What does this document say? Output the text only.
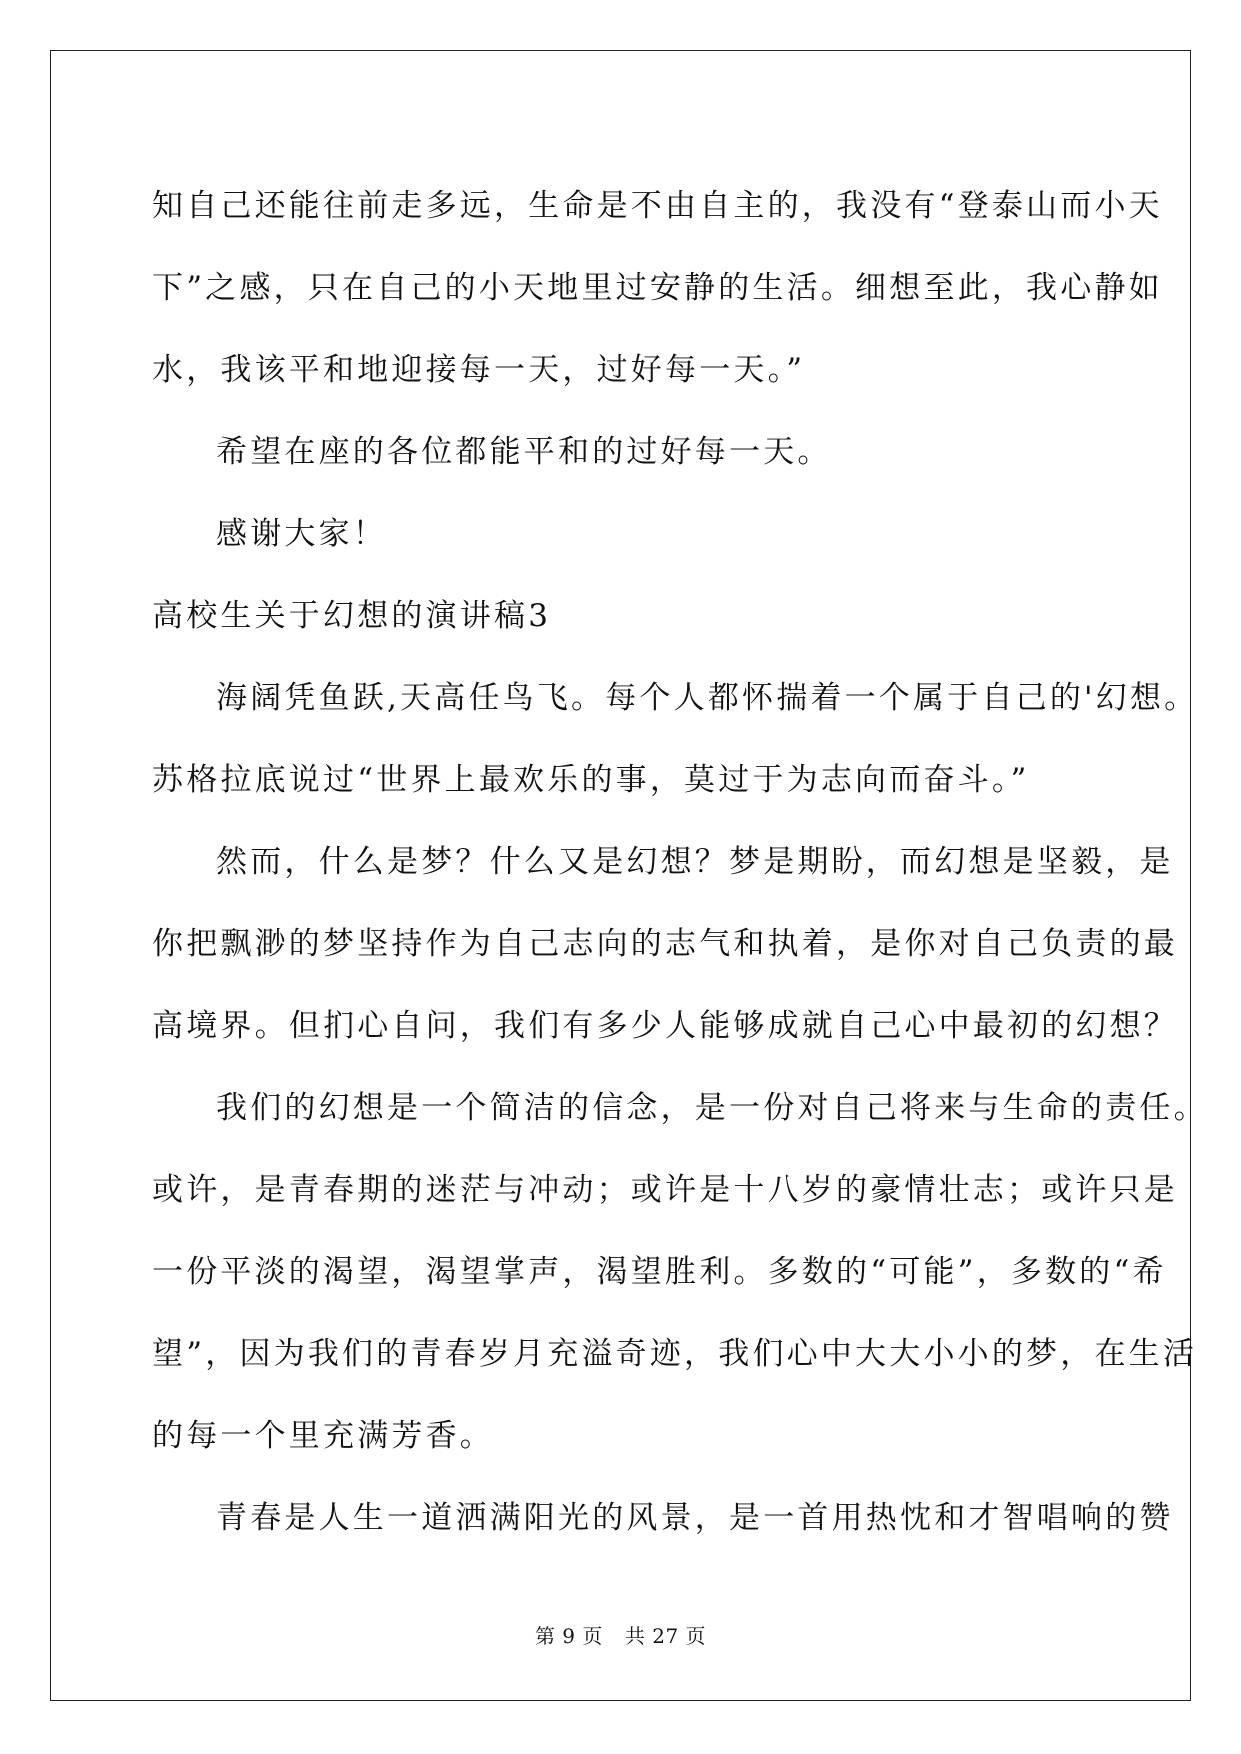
知自己还能往前走多远，生命是不由自主的，我没有“登泰山而小天
下”之感，只在自己的小天地里过安静的生活。细想至此，我心静如
水，我该平和地迎接每一天，过好每一天。”
希望在座的各位都能平和的过好每一天。
感谢大家！
高校生关于幻想的演讲稿3
海阔凭鱼跃,天高任鸟飞。每个人都怀揣着一个属于自己的'幻想。
苏格拉底说过“世界上最欢乐的事，莫过于为志向而奋斗。”
然而，什么是梦？什么又是幻想？梦是期盼，而幻想是坚毅，是
你把飘渺的梦坚持作为自己志向的志气和执着，是你对自己负责的最
高境界。但扪心自问，我们有多少人能够成就自己心中最初的幻想？
我们的幻想是一个简洁的信念，是一份对自己将来与生命的责任。
或许，是青春期的迷茫与冲动；或许是十八岁的豪情壮志；或许只是
一份平淡的渴望，渴望掌声，渴望胜利。多数的“可能”，多数的“希
望”，因为我们的青春岁月充溢奇迹，我们心中大大小小的梦，在生活
的每一个里充满芳香。
青春是人生一道洒满阳光的风景，是一首用热忱和才智唱响的赞
第 9 页 共 27 页
